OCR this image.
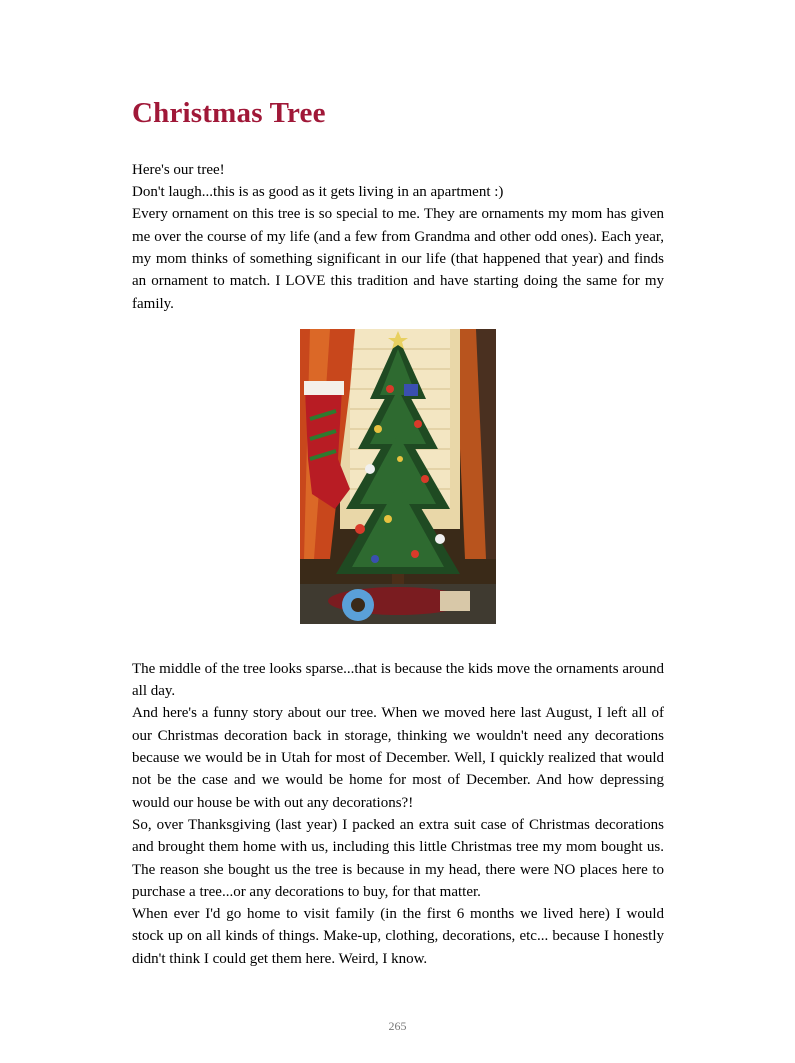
Christmas Tree

Here's our tree!

Don't laugh...this is as good as it gets living in an apartment :)

Every ornament on this tree is so special to me. They are ornaments my mom has given me over the course of my life (and a few from Grandma and other odd ones). Each year, my mom thinks of something significant in our life (that happened that year) and finds an ornament to match. I LOVE this tradition and have starting doing the same for my family.

The middle of the tree looks sparse...that is because the kids move the ornaments around all day.

And here's a funny story about our tree. When we moved here last August, I left all of our Christmas decoration back in storage, thinking we wouldn't need any decorations because we would be in Utah for most of December. Well, I quickly realized that would not be the case and we would be home for most of December. And how depressing would our house be with out any decorations?!

So, over Thanksgiving (last year) I packed an extra suit case of Christmas decorations and brought them home with us, including this little Christmas tree my mom bought us. The reason she bought us the tree is because in my head, there were NO places here to purchase a tree...or any decorations to buy, for that matter.

When ever I'd go home to visit family (in the first 6 months we lived here) I would stock up on all kinds of things. Make-up, clothing, decorations, etc... because I honestly didn't think I could get them here. Weird, I know.

265
